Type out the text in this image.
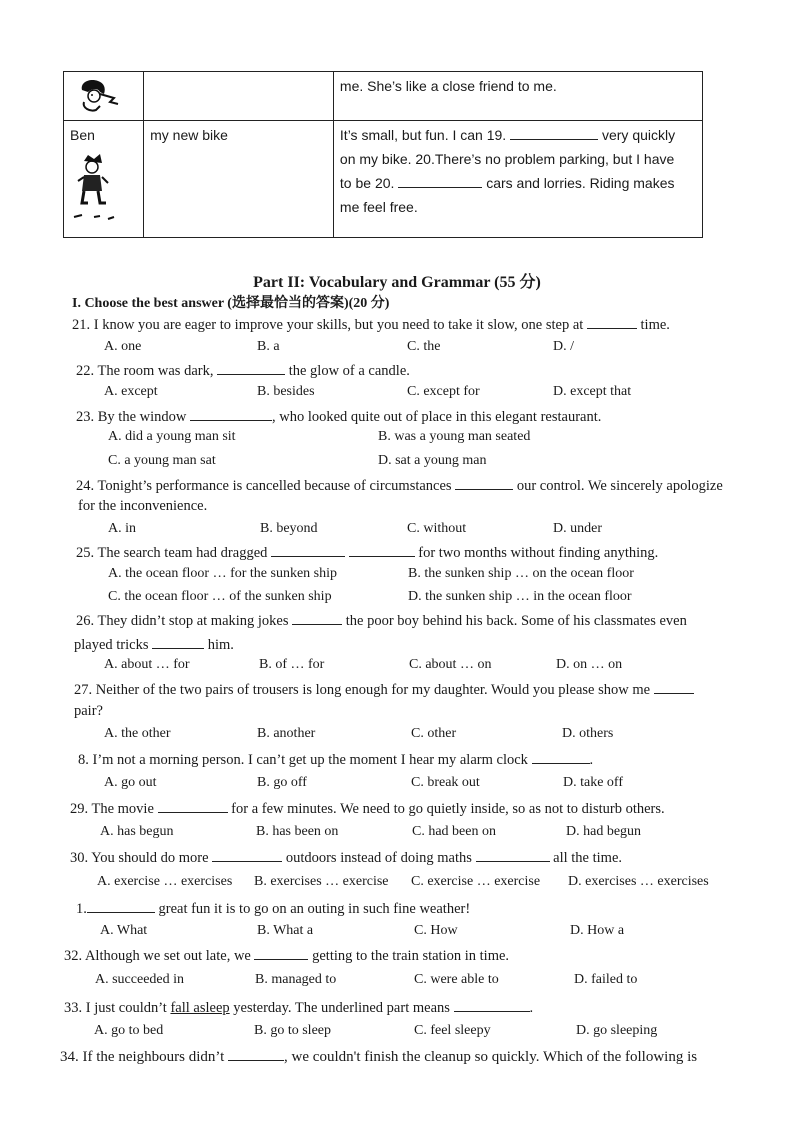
		me. She’s like a close friend to me.

Ben	my new bike	It’s small, but fun. I can 19. very quickly
on my bike. 20.There’s no problem parking, but I have
to be 20. cars and lorries. Riding makes
me feel free.
Part II: Vocabulary and Grammar (55 分)
I. Choose the best answer (选择最恰当的答案)(20 分)
21. I know you are eager to improve your skills, but you need to take it slow, one step at	time.
A. one	B. a	C. the	D. /
22. The room was dark,	the glow of a candle.
A. except	B. besides	C. except for	D. except that
23. By the window	, who looked quite out of place in this elegant restaurant.
A. did a young man sit	B. was a young man seated
C. a young man sat	D. sat a young man
24. Tonight’s performance is cancelled because of circumstances	our control. We sincerely apologize
for the inconvenience.
A. in	B. beyond	C. without	D. under
25. The search team had dragged	for two months without finding anything.
A. the ocean floor … for the sunken ship	B. the sunken ship … on the ocean floor
C. the ocean floor … of the sunken ship	D. the sunken ship … in the ocean floor
26. They didn’t stop at making jokes	the poor boy behind his back. Some of his classmates even
played tricks	him.
A. about … for	B. of … for	C. about … on	D. on … on
27. Neither of the two pairs of trousers is long enough for my daughter. Would you please show me
pair?
A. the other	B. another	C. other	D. others
8. I’m not a morning person. I can’t get up the moment I hear my alarm clock	.
A. go out	B. go off	C. break out	D. take off
29. The movie	for a few minutes. We need to go quietly inside, so as not to disturb others.
A. has begun	B. has been on	C. had been on	D. had begun
30. You should do more	outdoors instead of doing maths	all the time.
A. exercise … exercises B. exercises … exercise C. exercise … exercise D. exercises … exercises
1.	great fun it is to go on an outing in such fine weather!
A. What	B. What a	C. How	D. How a
32. Although we set out late, we	getting to the train station in time.
A. succeeded in	B. managed to	C. were able to	D. failed to
33. I just couldn’t fall asleep yesterday. The underlined part means	.
A. go to bed	B. go to sleep	C. feel sleepy	D. go sleeping
34. If the neighbours didn’t	, we couldn't finish the cleanup so quickly. Which of the following is
